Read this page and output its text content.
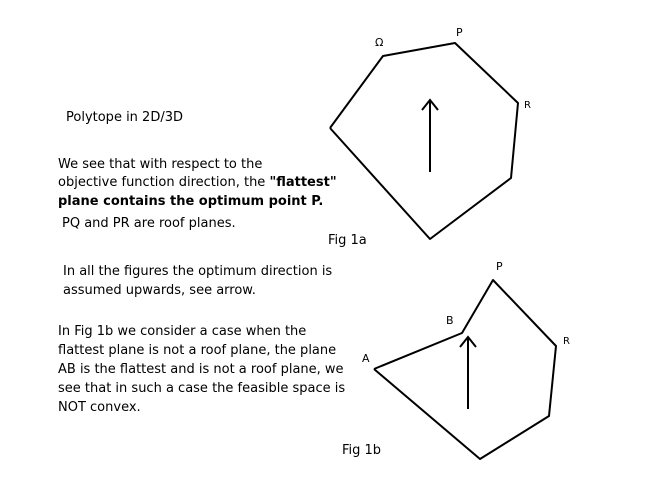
Polytope in 2D/3D
We see that with respect to the
objective function direction, the "flattest"
plane contains the optimum point P.
PQ and PR are roof planes.
In all the figures the optimum direction is
assumed upwards, see arrow.
In Fig 1b we consider a case when the
flattest plane is not a roof plane, the plane
AB is the flattest and is not a roof plane, we
see that in such a case the feasible space is
NOT convex.
Ω
P
R
Fig 1a
A
B
P
R
Fig 1b
